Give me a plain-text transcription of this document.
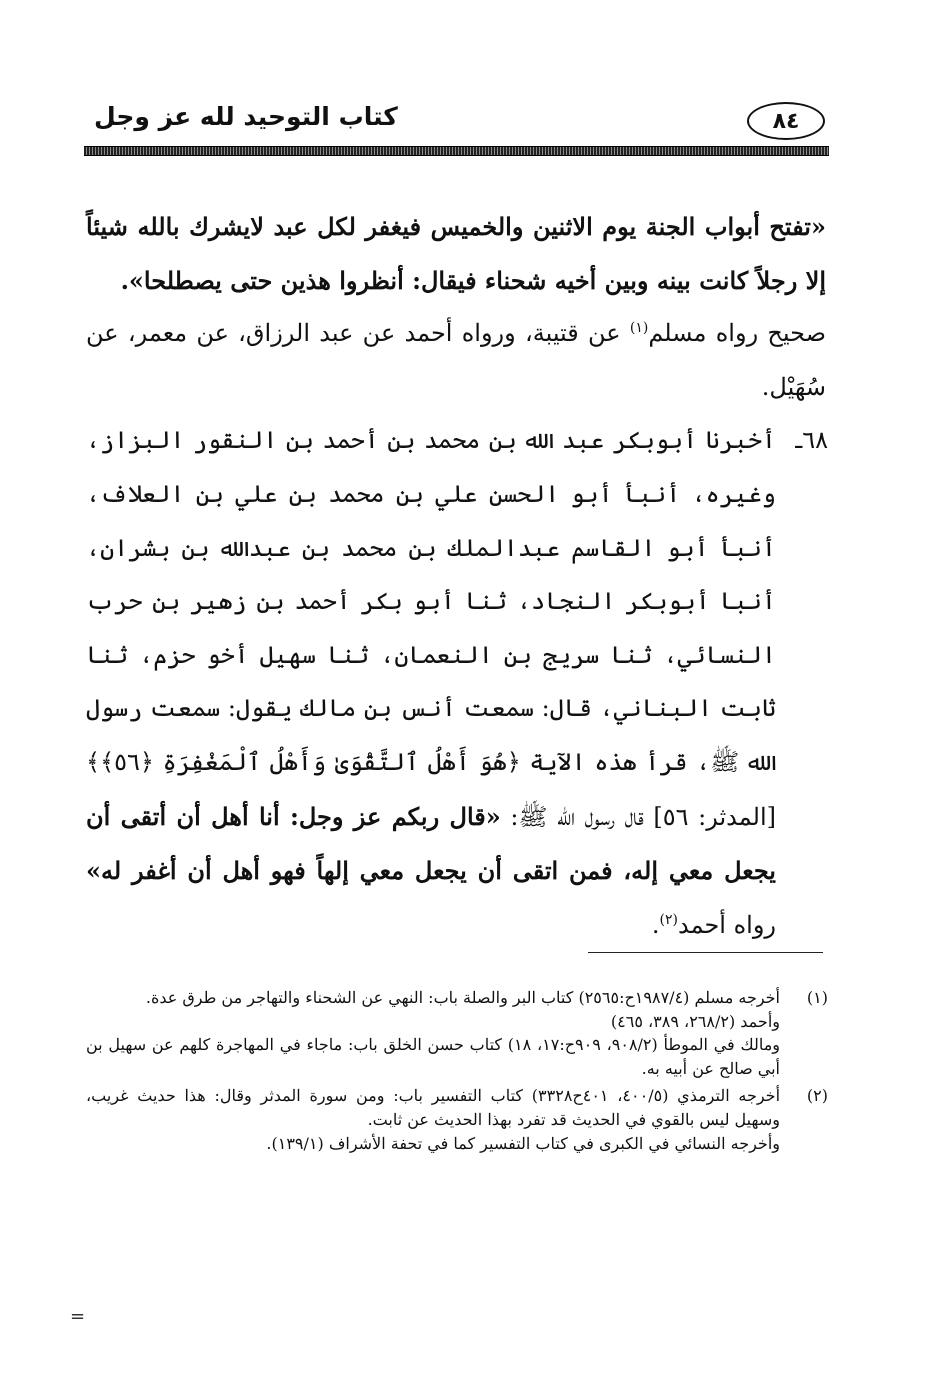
كتاب التوحيد لله عز وجل	٨٤

«تفتح أبواب الجنة يوم الاثنين والخميس فيغفر لكل عبد لايشرك بالله شيئاً إلا رجلاً كانت بينه وبين أخيه شحناء فيقال: أنظروا هذين حتى يصطلحا».

صحيح رواه مسلم$^{(١)}$ عن قتيبة، ورواه أحمد عن عبد الرزاق، عن معمر، عن سُهَيْل.

٦٨ـ

أخبرنا أبوبكر عبد الله بن محمد بن أحمد بن النقور البزاز، وغيره، أنبأ أبو الحسن علي بن محمد بن علي بن العلاف، أنبأ أبو القاسم عبدالملك بن محمد بن عبدالله بن بشران، أنبا أبوبكر النجاد، ثنا أبو بكر أحمد بن زهير بن حرب النسائي، ثنا سريج بن النعمان، ثنا سهيل أخو حزم، ثنا ثابت البناني، قال: سمعت أنس بن مالك يقول: سمعت رسول الله ﷺ، قرأ هذه الآية ﴿هُوَ أَهْلُ ٱلتَّقْوَىٰ وَأَهْلُ ٱلْمَغْفِرَةِ ﴿٥٦﴾﴾ [المدثر: ٥٦] قال رسول الله ﷺ: «قال ربكم عز وجل: أنا أهل أن أتقى أن يجعل معي إله، فمن اتقى أن يجعل معي إلهاً فهو أهل أن أغفر له» رواه أحمد$^{(٢)}$.

(١)

أخرجه مسلم (١٩٨٧/٤ح:٢٥٦٥) كتاب البر والصلة باب: النهي عن الشحناء والتهاجر من طرق عدة.

وأحمد (٢٦٨/٢، ٣٨٩، ٤٦٥)

ومالك في الموطأ (٩٠٨/٢، ٩٠٩ح:١٧، ١٨) كتاب حسن الخلق باب: ماجاء في المهاجرة كلهم عن سهيل بن أبي صالح عن أبيه به.

(٢)

أخرجه الترمذي (٤٠٠/٥، ٤٠١ح٣٣٢٨) كتاب التفسير باب: ومن سورة المدثر وقال: هذا حديث غريب، وسهيل ليس بالقوي في الحديث قد تفرد بهذا الحديث عن ثابت.

وأخرجه النسائي في الكبرى في كتاب التفسير كما في تحفة الأشراف (١٣٩/١).

=
